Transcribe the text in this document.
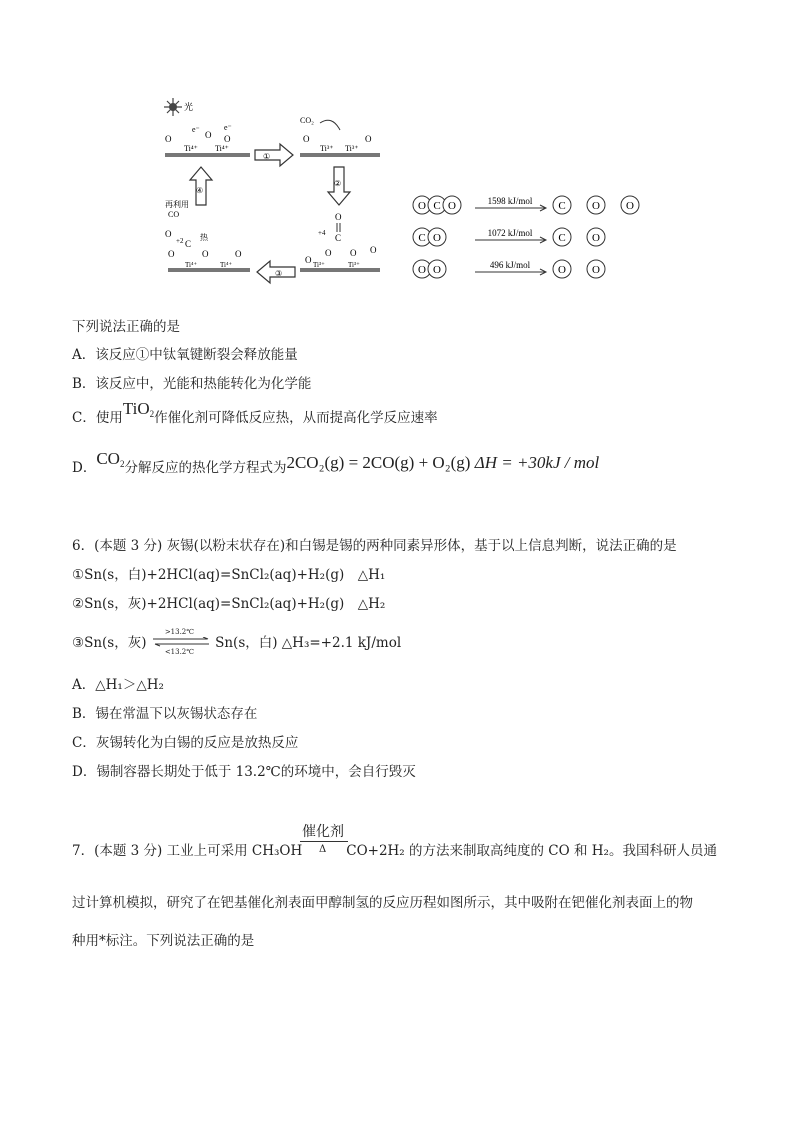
光
O
Ti⁴⁺
O O
Ti⁴⁺
e⁻	e⁻
CO₂
O
Ti³⁺ Ti³⁺
O
①
②
④
③
O
C
+4
O O
O Ti³⁺	Ti³⁺
O
再利用
CO
O
+2 C
热
O	O	O
Ti⁴⁺	Ti⁴⁺
O C O	1598 kJ/mol C O O
C O	1072 kJ/mol C O
O O	496 kJ/mol	O O
下列说法正确的是
A．该反应①中钛氧键断裂会释放能量
B．该反应中，光能和热能转化为化学能
C．使用TiO$_2$作催化剂可降低反应热，从而提高化学反应速率
D．$CO_2$分解反应的热化学方程式为2CO₂(g) = 2CO(g) + O₂(g) ΔH = +30kJ / mol
6．(本题 3 分) 灰锡(以粉末状存在)和白锡是锡的两种同素异形体，基于以上信息判断，说法正确的是
①Sn(s，白)+2HCl(aq)=SnCl₂(aq)+H₂(g)　△H₁
②Sn(s，灰)+2HCl(aq)=SnCl₂(aq)+H₂(g)　△H₂
③Sn(s，灰)
>13.2℃
<13.2℃
Sn(s，白) △H₃=+2.1 kJ/mol
A．△H₁＞△H₂
B．锡在常温下以灰锡状态存在
C．灰锡转化为白锡的反应是放热反应
D．锡制容器长期处于低于 13.2℃的环境中，会自行毁灭
催化剂
Δ
7．(本题 3 分) 工业上可采用 CH₃OH	CO+2H₂ 的方法来制取高纯度的 CO 和 H₂。我国科研人员通
过计算机模拟，研究了在钯基催化剂表面甲醇制氢的反应历程如图所示，其中吸附在钯催化剂表面上的物
种用*标注。下列说法正确的是
